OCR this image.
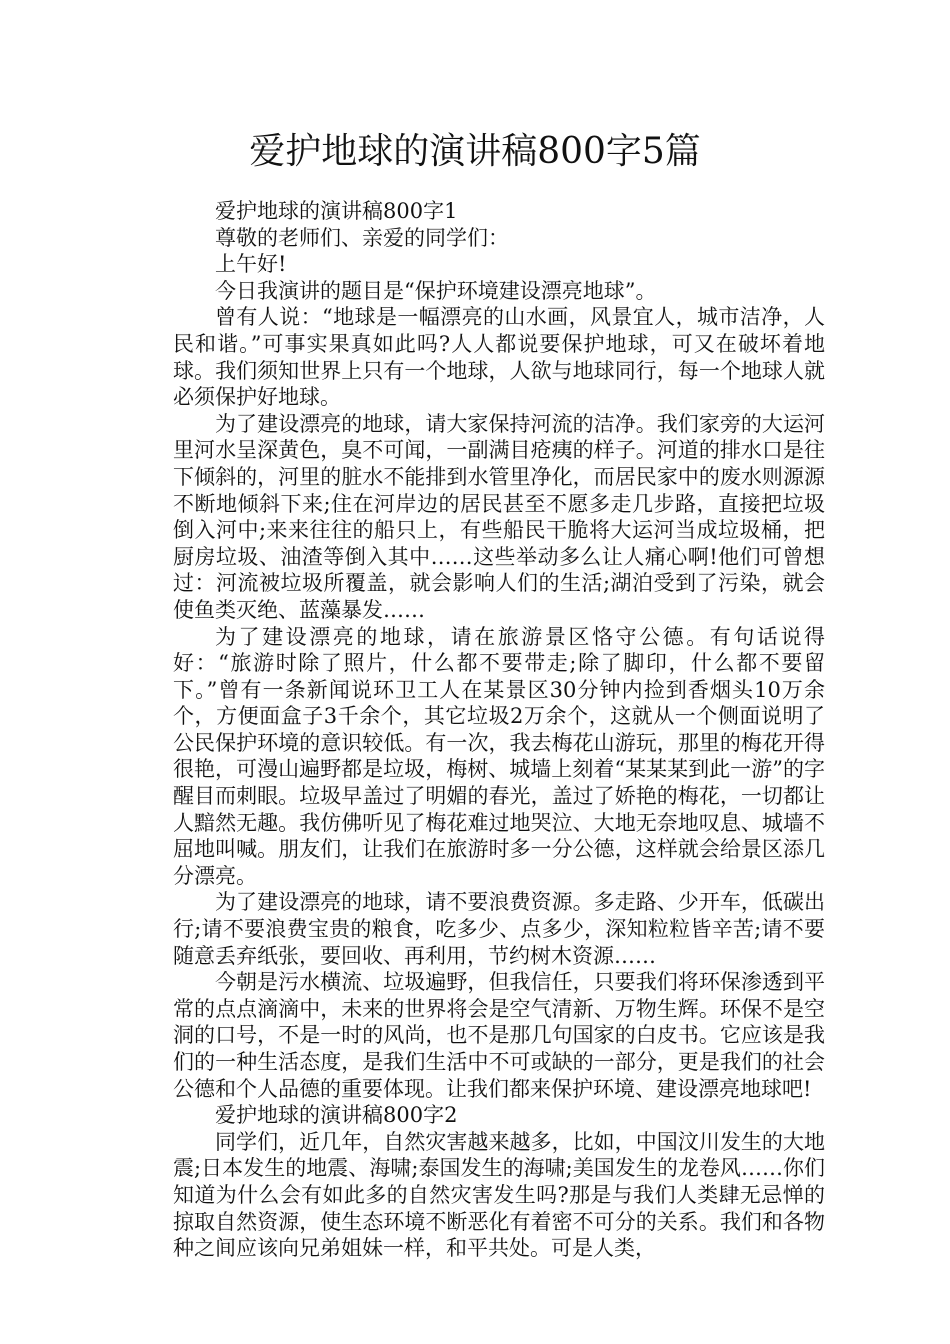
爱护地球的演讲稿800字5篇

爱护地球的演讲稿800字1

尊敬的老师们、亲爱的同学们：

上午好!

今日我演讲的题目是“保护环境建设漂亮地球”。

曾有人说：“地球是一幅漂亮的山水画，风景宜人，城市洁净，人民和谐。”可事实果真如此吗?人人都说要保护地球，可又在破坏着地球。我们须知世界上只有一个地球，人欲与地球同行，每一个地球人就必须保护好地球。

为了建设漂亮的地球，请大家保持河流的洁净。我们家旁的大运河里河水呈深黄色，臭不可闻，一副满目疮痍的样子。河道的排水口是往下倾斜的，河里的脏水不能排到水管里净化，而居民家中的废水则源源不断地倾斜下来;住在河岸边的居民甚至不愿多走几步路，直接把垃圾倒入河中;来来往往的船只上，有些船民干脆将大运河当成垃圾桶，把厨房垃圾、油渣等倒入其中……这些举动多么让人痛心啊!他们可曾想过：河流被垃圾所覆盖，就会影响人们的生活;湖泊受到了污染，就会使鱼类灭绝、蓝藻暴发……

为了建设漂亮的地球，请在旅游景区恪守公德。有句话说得好：“旅游时除了照片，什么都不要带走;除了脚印，什么都不要留下。”曾有一条新闻说环卫工人在某景区30分钟内捡到香烟头10万余个，方便面盒子3千余个，其它垃圾2万余个，这就从一个侧面说明了公民保护环境的意识较低。有一次，我去梅花山游玩，那里的梅花开得很艳，可漫山遍野都是垃圾，梅树、城墙上刻着“某某某到此一游”的字醒目而刺眼。垃圾早盖过了明媚的春光，盖过了娇艳的梅花，一切都让人黯然无趣。我仿佛听见了梅花难过地哭泣、大地无奈地叹息、城墙不屈地叫喊。朋友们，让我们在旅游时多一分公德，这样就会给景区添几分漂亮。

为了建设漂亮的地球，请不要浪费资源。多走路、少开车，低碳出行;请不要浪费宝贵的粮食，吃多少、点多少，深知粒粒皆辛苦;请不要随意丢弃纸张，要回收、再利用，节约树木资源……

今朝是污水横流、垃圾遍野，但我信任，只要我们将环保渗透到平常的点点滴滴中，未来的世界将会是空气清新、万物生辉。环保不是空洞的口号，不是一时的风尚，也不是那几句国家的白皮书。它应该是我们的一种生活态度，是我们生活中不可或缺的一部分，更是我们的社会公德和个人品德的重要体现。让我们都来保护环境、建设漂亮地球吧!

爱护地球的演讲稿800字2

同学们，近几年，自然灾害越来越多，比如，中国汶川发生的大地震;日本发生的地震、海啸;泰国发生的海啸;美国发生的龙卷风……你们知道为什么会有如此多的自然灾害发生吗?那是与我们人类肆无忌惮的掠取自然资源，使生态环境不断恶化有着密不可分的关系。我们和各物种之间应该向兄弟姐妹一样，和平共处。可是人类，
